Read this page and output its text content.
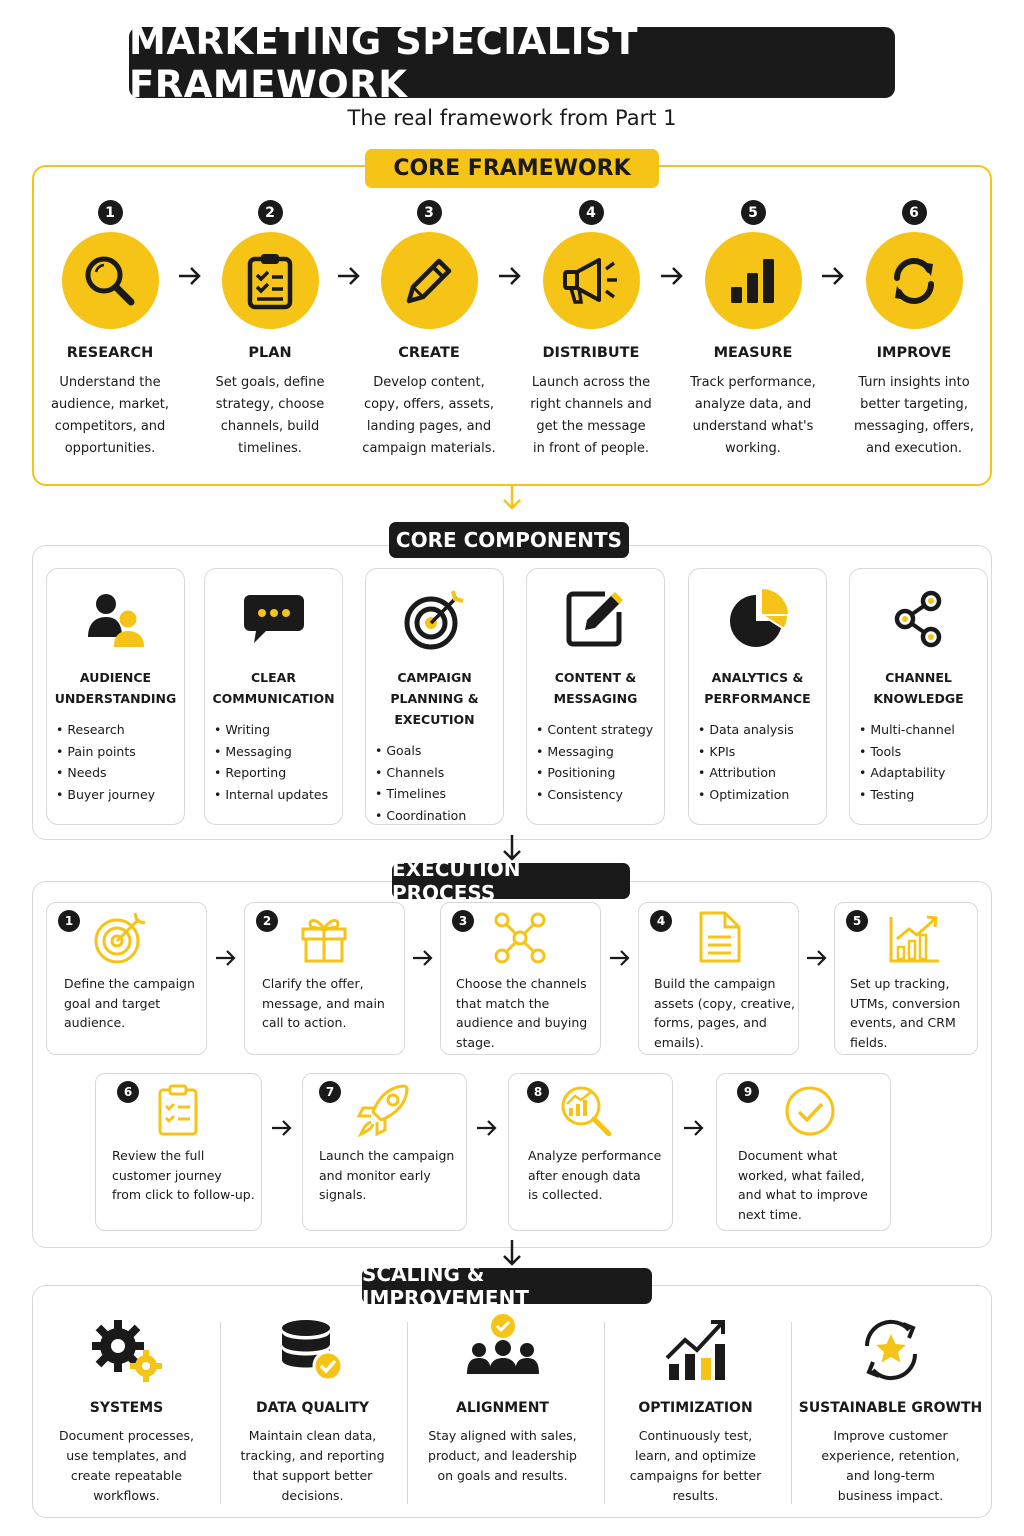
MARKETING SPECIALIST FRAMEWORK
The real framework from Part 1
CORE FRAMEWORK
1
RESEARCH
Understand the
audience, market,
competitors, and
opportunities.
2
PLAN
Set goals, define
strategy, choose
channels, build
timelines.
3
CREATE
Develop content,
copy, offers, assets,
landing pages, and
campaign materials.
4
DISTRIBUTE
Launch across the
right channels and
get the message
in front of people.
5
MEASURE
Track performance,
analyze data, and
understand what's
working.
6
IMPROVE
Turn insights into
better targeting,
messaging, offers,
and execution.
CORE COMPONENTS
AUDIENCE
UNDERSTANDING
• Research
• Pain points
• Needs
• Buyer journey
CLEAR
COMMUNICATION
• Writing
• Messaging
• Reporting
• Internal updates
CAMPAIGN
PLANNING &
EXECUTION
• Goals
• Channels
• Timelines
• Coordination
CONTENT &
MESSAGING
• Content strategy
• Messaging
• Positioning
• Consistency
ANALYTICS &
PERFORMANCE
• Data analysis
• KPIs
• Attribution
• Optimization
CHANNEL
KNOWLEDGE
• Multi-channel
• Tools
• Adaptability
• Testing
EXECUTION PROCESS
1
Define the campaign
goal and target
audience.
2
Clarify the offer,
message, and main
call to action.
3
Choose the channels
that match the
audience and buying
stage.
4
Build the campaign
assets (copy, creative,
forms, pages, and
emails).
5
Set up tracking,
UTMs, conversion
events, and CRM
fields.
6
Review the full
customer journey
from click to follow-up.
7
Launch the campaign
and monitor early
signals.
8
Analyze performance
after enough data
is collected.
9
Document what
worked, what failed,
and what to improve
next time.
SCALING & IMPROVEMENT
SYSTEMS
Document processes,
use templates, and
create repeatable
workflows.
DATA QUALITY
Maintain clean data,
tracking, and reporting
that support better
decisions.
ALIGNMENT
Stay aligned with sales,
product, and leadership
on goals and results.
OPTIMIZATION
Continuously test,
learn, and optimize
campaigns for better
results.
SUSTAINABLE GROWTH
Improve customer
experience, retention,
and long-term
business impact.
